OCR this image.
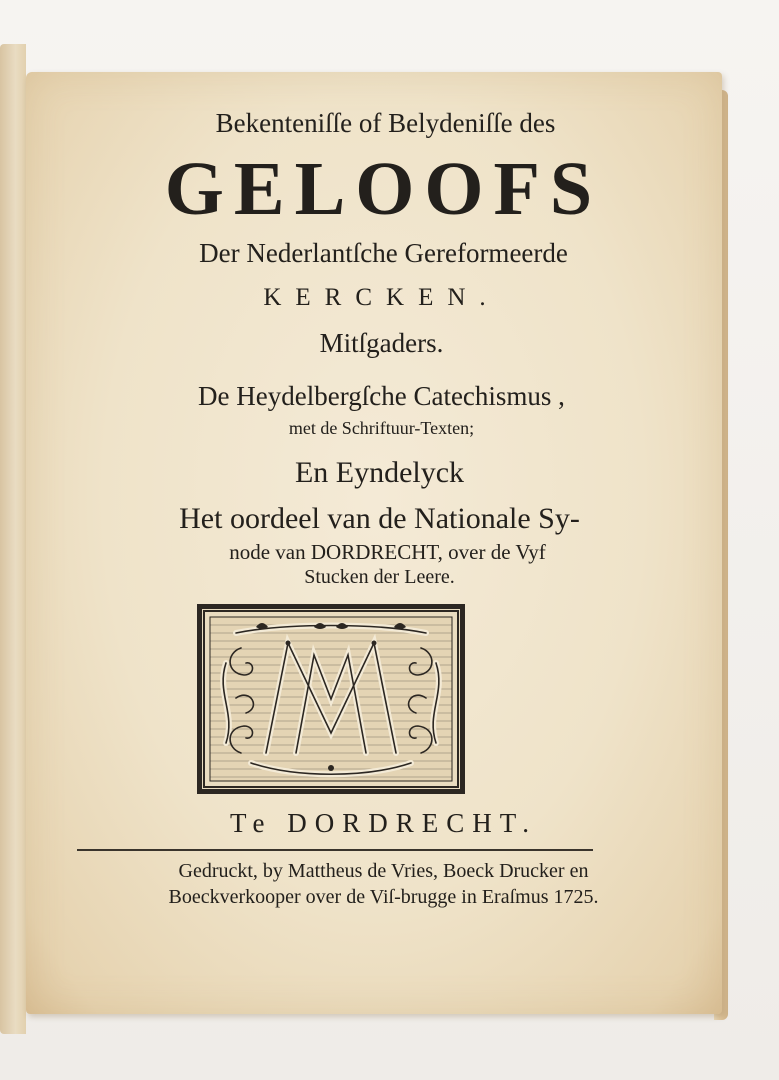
Bekenteniſſe of Belydeniſſe des
GELOOFS
Der Nederlantſche Gereformeerde
KERCKEN.
Mitſgaders.
De Heydelbergſche Catechismus ,
met de Schriftuur-Texten;
En Eyndelyck
Het oordeel van de Nationale Sy-
node van DORDRECHT, over de Vyf
Stucken der Leere.
Te DORDRECHT.
Gedruckt, by Mattheus de Vries, Boeck Drucker en
Boeckverkooper over de Viſ-brugge in Eraſmus 1725.
